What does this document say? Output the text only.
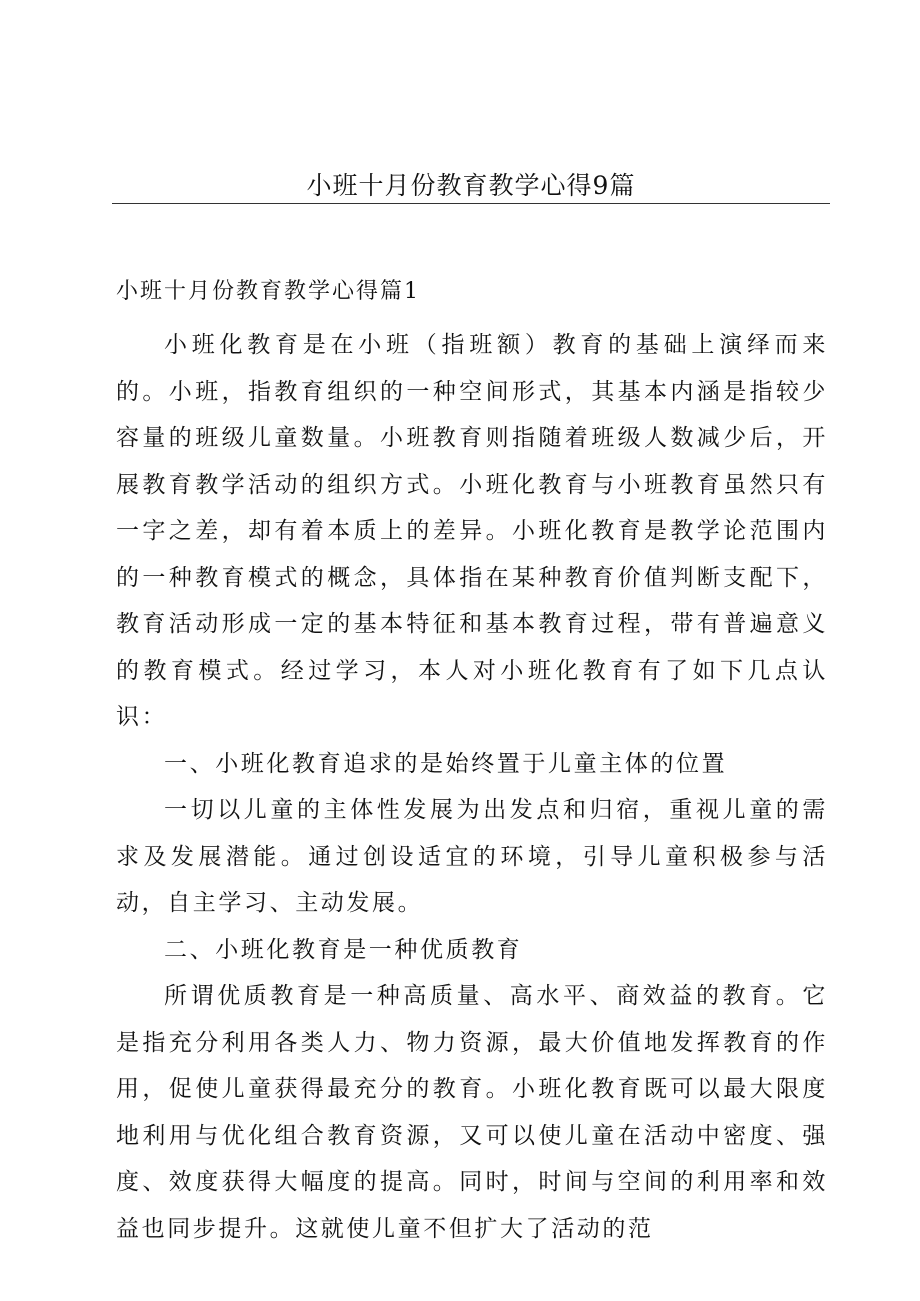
小班十月份教育教学心得9篇
小班十月份教育教学心得篇1

小班化教育是在小班（指班额）教育的基础上演绎而来的。小班，指教育组织的一种空间形式，其基本内涵是指较少容量的班级儿童数量。小班教育则指随着班级人数减少后，开展教育教学活动的组织方式。小班化教育与小班教育虽然只有一字之差，却有着本质上的差异。小班化教育是教学论范围内的一种教育模式的概念，具体指在某种教育价值判断支配下，教育活动形成一定的基本特征和基本教育过程，带有普遍意义的教育模式。经过学习，本人对小班化教育有了如下几点认识：

一、小班化教育追求的是始终置于儿童主体的位置

一切以儿童的主体性发展为出发点和归宿，重视儿童的需求及发展潜能。通过创设适宜的环境，引导儿童积极参与活动，自主学习、主动发展。

二、小班化教育是一种优质教育

所谓优质教育是一种高质量、高水平、商效益的教育。它是指充分利用各类人力、物力资源，最大价值地发挥教育的作用，促使儿童获得最充分的教育。小班化教育既可以最大限度地利用与优化组合教育资源，又可以使儿童在活动中密度、强度、效度获得大幅度的提高。同时，时间与空间的利用率和效益也同步提升。这就使儿童不但扩大了活动的范
